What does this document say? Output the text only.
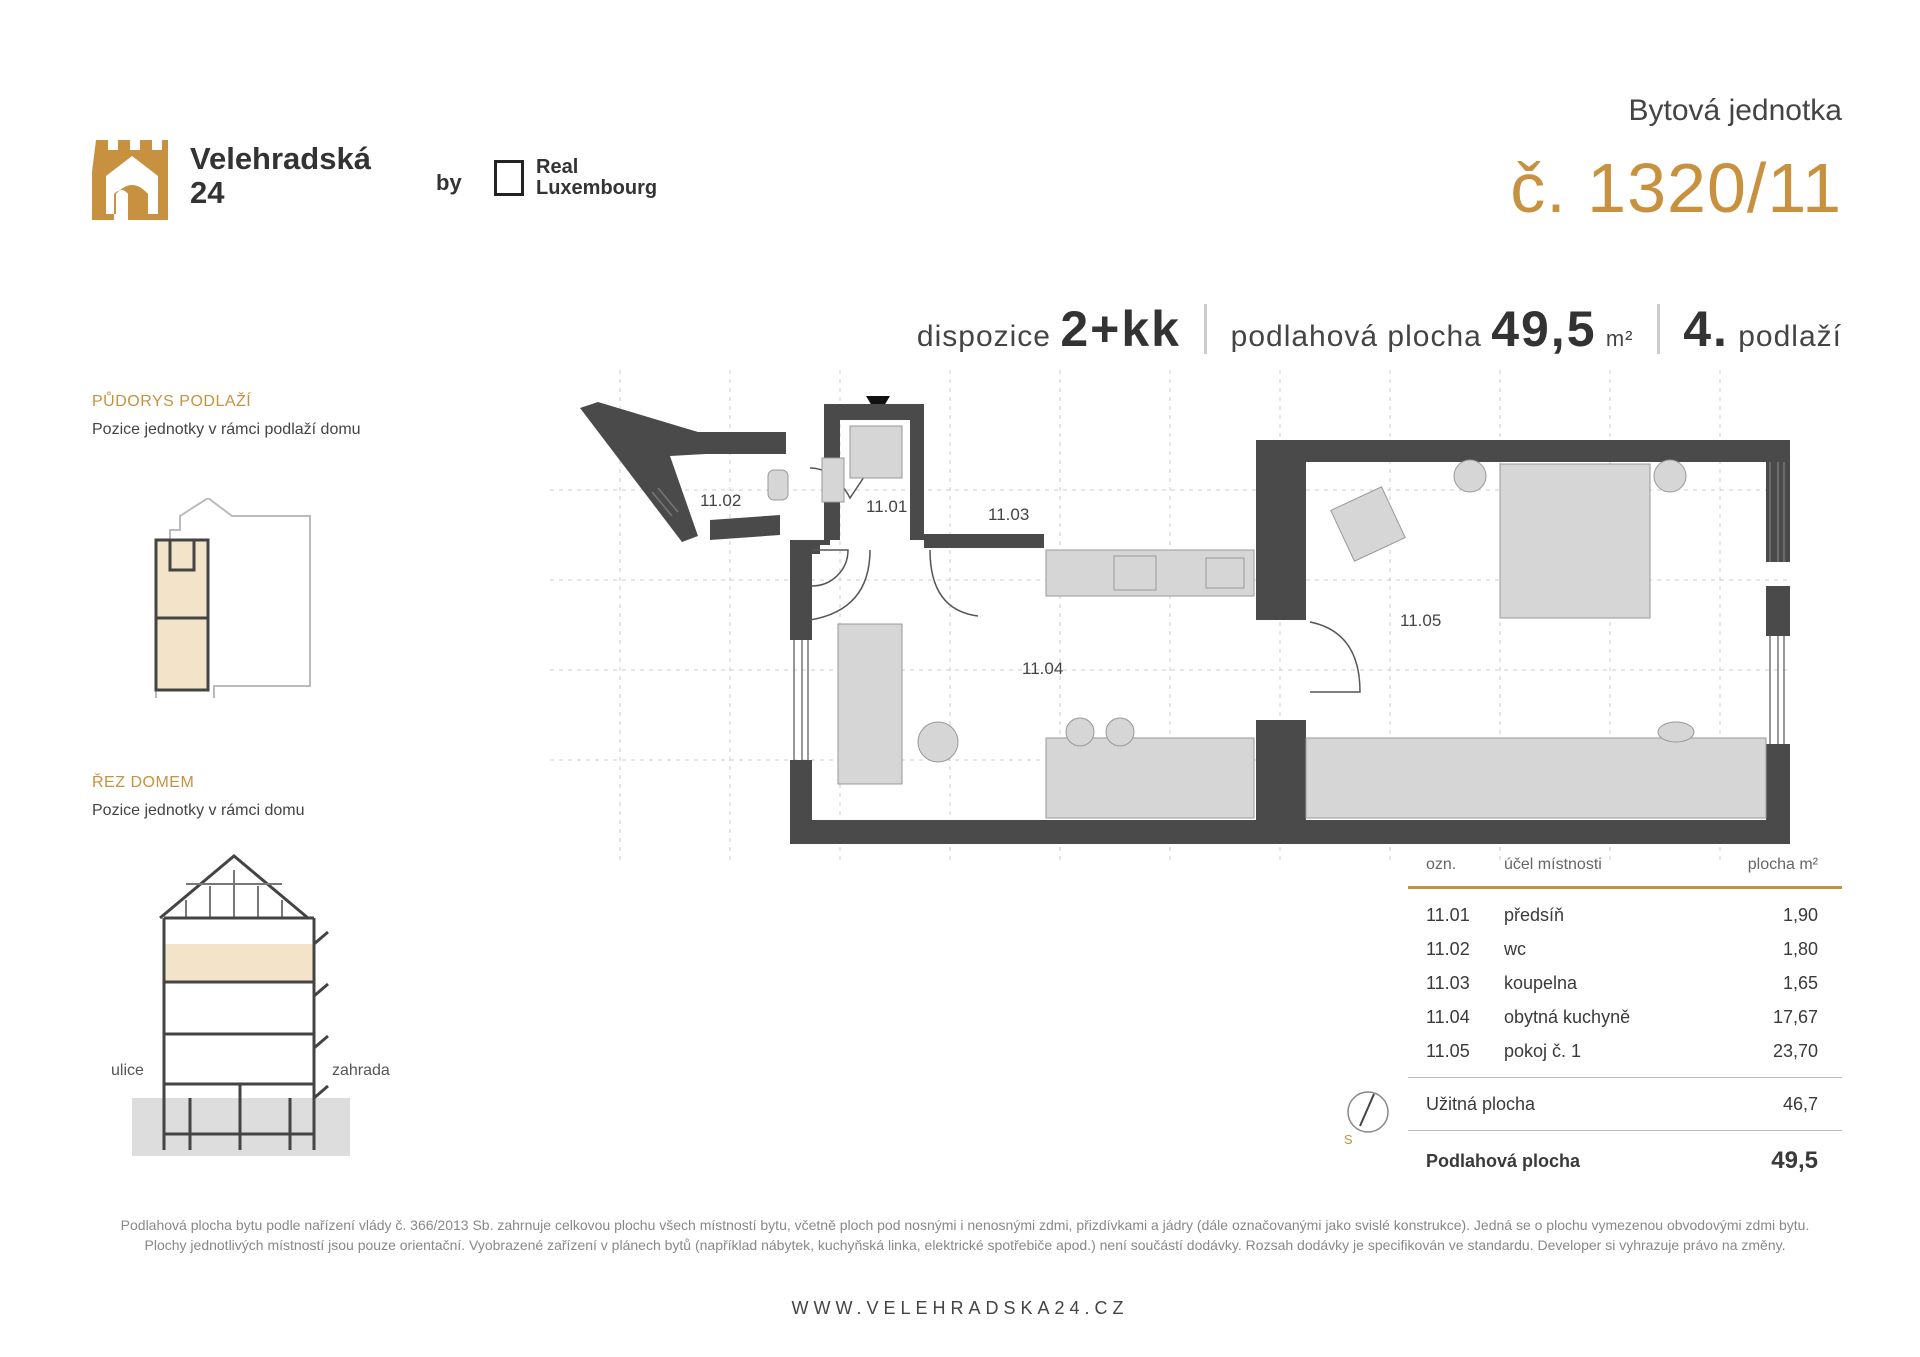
Velehradská
24	by
Real
Luxembourg
Bytová jednotka
č. 1320/11
dispozice 2+kk podlahová plocha 49,5 m² 4. podlaží
PŮDORYS PODLAŽÍ
Pozice jednotky v rámci podlaží domu
ŘEZ DOMEM
Pozice jednotky v rámci domu
ulice	zahrada
11.02	11.01	11.03
11.04
11.05
S
ozn.	účel místnosti	plocha m²
11.01 předsíň	1,90
11.02 wc	1,80
11.03 koupelna	1,65
11.04 obytná kuchyně	17,67
11.05 pokoj č. 1	23,70
Užitná plocha	46,7
Podlahová plocha	49,5
Podlahová plocha bytu podle nařízení vlády č. 366/2013 Sb. zahrnuje celkovou plochu všech místností bytu, včetně ploch pod nosnými i nenosnými zdmi, přizdívkami a jádry (dále označovanými jako svislé konstrukce). Jedná se o plochu vymezenou obvodovými zdmi bytu. Plochy jednotlivých místností jsou pouze orientační. Vyobrazené zařízení v plánech bytů (například nábytek, kuchyňská linka, elektrické spotřebiče apod.) není součástí dodávky. Rozsah dodávky je specifikován ve standardu. Developer si vyhrazuje právo na změny.
WWW.VELEHRADSKA24.CZ
